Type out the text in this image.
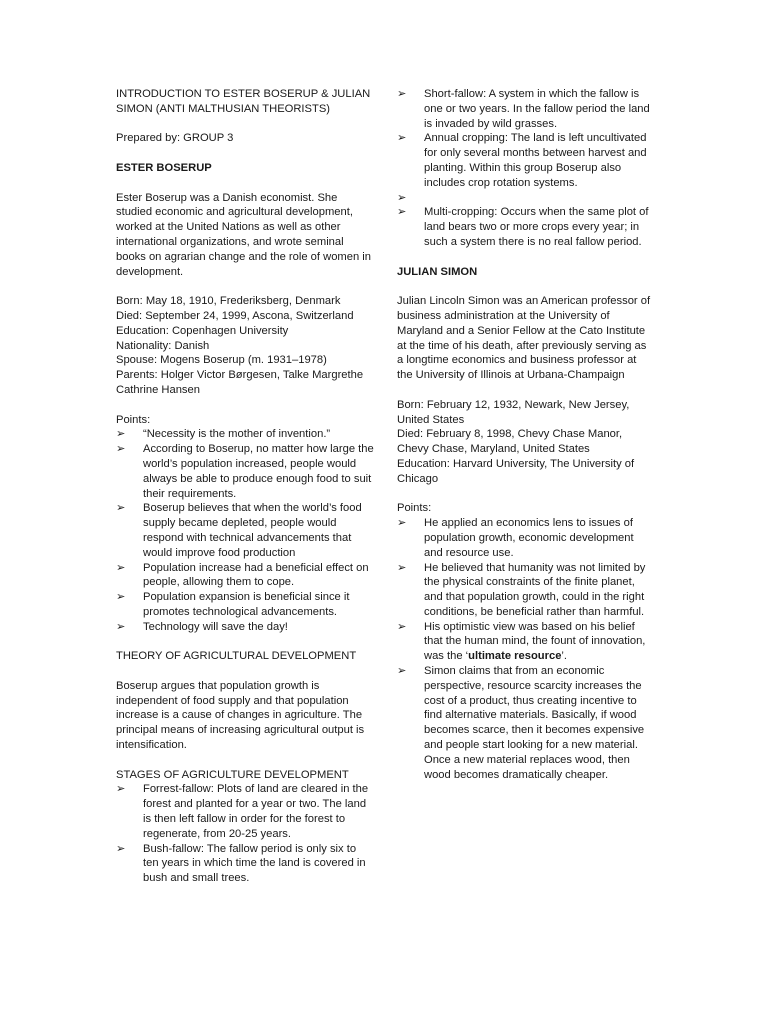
INTRODUCTION TO ESTER BOSERUP & JULIAN SIMON (ANTI MALTHUSIAN THEORISTS)

Prepared by: GROUP 3

ESTER BOSERUP

Ester Boserup was a Danish economist. She studied economic and agricultural development, worked at the United Nations as well as other international organizations, and wrote seminal books on agrarian change and the role of women in development.

Born: May 18, 1910, Frederiksberg, Denmark
Died: September 24, 1999, Ascona, Switzerland
Education: Copenhagen University
Nationality: Danish
Spouse: Mogens Boserup (m. 1931–1978)
Parents: Holger Victor Børgesen, Talke Margrethe Cathrine Hansen

Points:

➢	“Necessity is the mother of invention.”
➢	According to Boserup, no matter how large the world’s population increased, people would always be able to produce enough food to suit their requirements.
➢	Boserup believes that when the world’s food supply became depleted, people would respond with technical advancements that would improve food production
➢	Population increase had a beneficial effect on people, allowing them to cope.
➢	Population expansion is beneficial since it promotes technological advancements.
➢	Technology will save the day!

THEORY OF AGRICULTURAL DEVELOPMENT

Boserup argues that population growth is independent of food supply and that population increase is a cause of changes in agriculture. The principal means of increasing agricultural output is intensification.

STAGES OF AGRICULTURE DEVELOPMENT

➢	Forrest-fallow: Plots of land are cleared in the forest and planted for a year or two. The land is then left fallow in order for the forest to regenerate, from 20-25 years.
➢	Bush-fallow: The fallow period is only six to ten years in which time the land is covered in bush and small trees.
➢	Short-fallow: A system in which the fallow is one or two years. In the fallow period the land is invaded by wild grasses.
➢	Annual cropping: The land is left uncultivated for only several months between harvest and planting. Within this group Boserup also includes crop rotation systems.
➢

➢	Multi-cropping: Occurs when the same plot of land bears two or more crops every year; in such a system there is no real fallow period.

JULIAN SIMON

Julian Lincoln Simon was an American professor of business administration at the University of Maryland and a Senior Fellow at the Cato Institute at the time of his death, after previously serving as a longtime economics and business professor at the University of Illinois at Urbana-Champaign

Born: February 12, 1932, Newark, New Jersey, United States
Died: February 8, 1998, Chevy Chase Manor, Chevy Chase, Maryland, United States
Education: Harvard University, The University of Chicago

Points:

➢	He applied an economics lens to issues of population growth, economic development and resource use.
➢	He believed that humanity was not limited by the physical constraints of the finite planet, and that population growth, could in the right conditions, be beneficial rather than harmful.
➢	His optimistic view was based on his belief that the human mind, the fount of innovation, was the ‘ultimate resource’.
➢	Simon claims that from an economic perspective, resource scarcity increases the cost of a product, thus creating incentive to find alternative materials. Basically, if wood becomes scarce, then it becomes expensive and people start looking for a new material. Once a new material replaces wood, then wood becomes dramatically cheaper.
